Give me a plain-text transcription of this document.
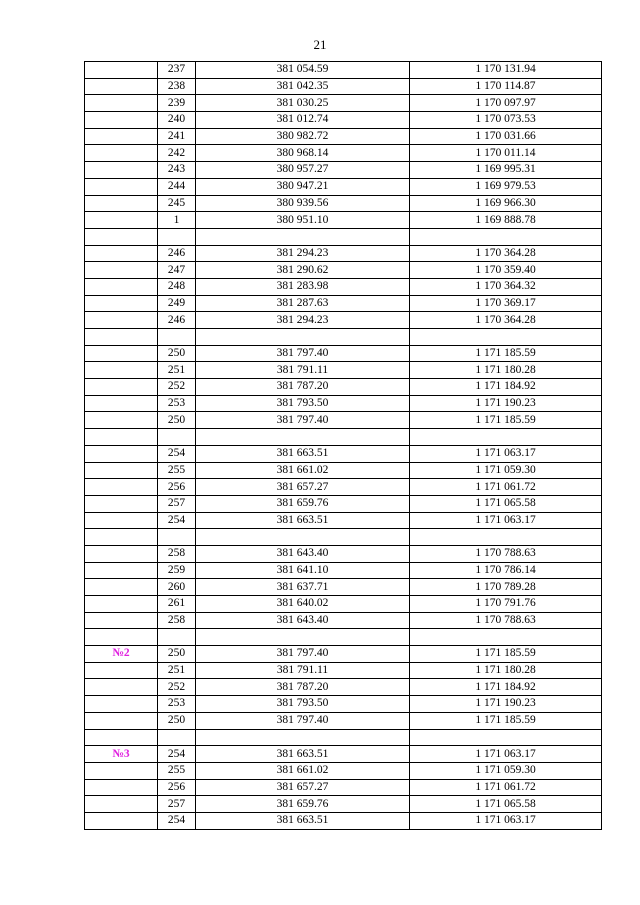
21
	237	381 054.59	1 170 131.94
	238	381 042.35	1 170 114.87
	239	381 030.25	1 170 097.97
	240	381 012.74	1 170 073.53
	241	380 982.72	1 170 031.66
	242	380 968.14	1 170 011.14
	243	380 957.27	1 169 995.31
	244	380 947.21	1 169 979.53
	245	380 939.56	1 169 966.30
	1	380 951.10	1 169 888.78

	246	381 294.23	1 170 364.28
	247	381 290.62	1 170 359.40
	248	381 283.98	1 170 364.32
	249	381 287.63	1 170 369.17
	246	381 294.23	1 170 364.28

	250	381 797.40	1 171 185.59
	251	381 791.11	1 171 180.28
	252	381 787.20	1 171 184.92
	253	381 793.50	1 171 190.23
	250	381 797.40	1 171 185.59

	254	381 663.51	1 171 063.17
	255	381 661.02	1 171 059.30
	256	381 657.27	1 171 061.72
	257	381 659.76	1 171 065.58
	254	381 663.51	1 171 063.17

	258	381 643.40	1 170 788.63
	259	381 641.10	1 170 786.14
	260	381 637.71	1 170 789.28
	261	381 640.02	1 170 791.76
	258	381 643.40	1 170 788.63

№2	250	381 797.40	1 171 185.59
	251	381 791.11	1 171 180.28
	252	381 787.20	1 171 184.92
	253	381 793.50	1 171 190.23
	250	381 797.40	1 171 185.59

№3	254	381 663.51	1 171 063.17
	255	381 661.02	1 171 059.30
	256	381 657.27	1 171 061.72
	257	381 659.76	1 171 065.58
	254	381 663.51	1 171 063.17
